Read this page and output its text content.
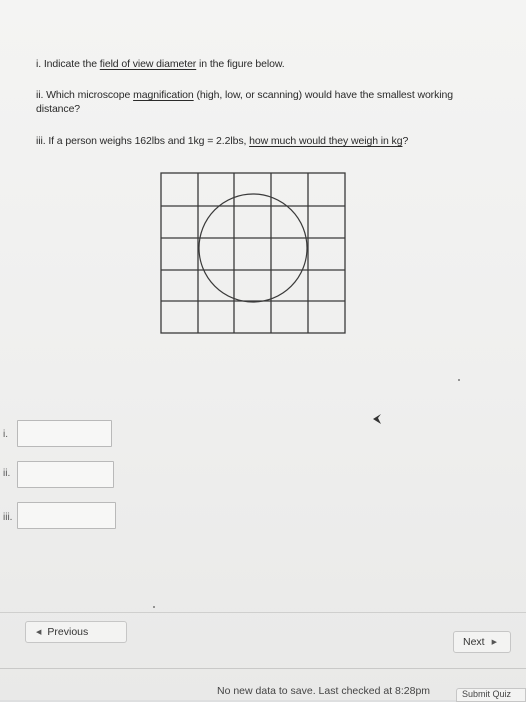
i. Indicate the field of view diameter in the figure below.
ii. Which microscope magnification (high, low, or scanning) would have the smallest working distance?
iii. If a person weighs 162lbs and 1kg = 2.2lbs, how much would they weigh in kg?
i.
ii.
iii.
◀ Previous
Next ▶
No new data to save. Last checked at 8:28pm	Submit Quiz
